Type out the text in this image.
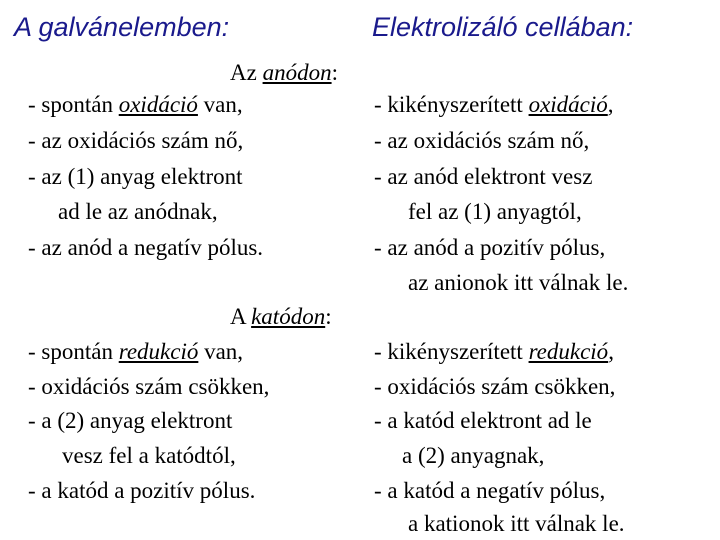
A galvánelemben:	Elektrolizáló cellában:
Az anódon:
- spontán oxidáció van,
- az oxidációs szám nő,
- az (1) anyag elektront
ad le az anódnak,
- az anód a negatív pólus.
- kikényszerített oxidáció,
- az oxidációs szám nő,
- az anód elektront vesz
fel az (1) anyagtól,
- az anód a pozitív pólus,
az anionok itt válnak le.
A katódon:
- spontán redukció van,
- oxidációs szám csökken,
- a (2) anyag elektront
vesz fel a katódtól,
- a katód a pozitív pólus.
- kikényszerített redukció,
- oxidációs szám csökken,
- a katód elektront ad le
a (2) anyagnak,
- a katód a negatív pólus,
a kationok itt válnak le.
